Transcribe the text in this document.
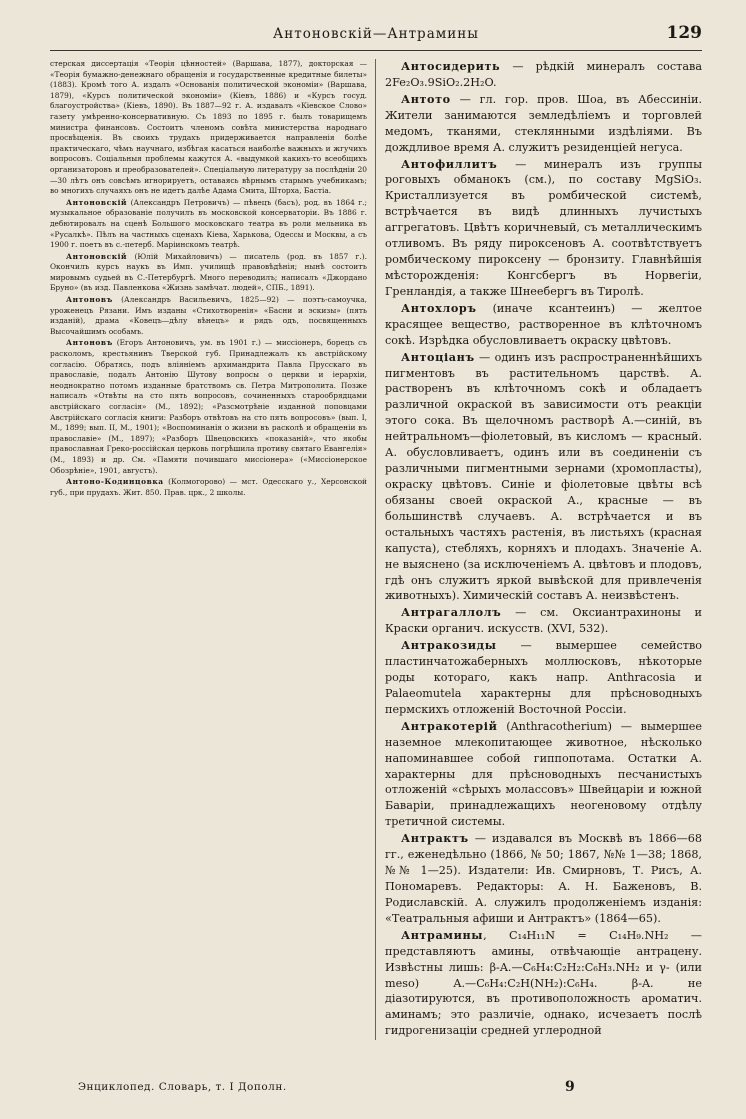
Антоновскій—Антрамины	129

стерская диссертація «Теорія цѣнностей» (Варшава, 1877), докторская — «Теорія бумажно-денежнаго обращенія и государственные кредитные билеты» (1883). Кромѣ того А. издалъ «Основанія политической экономіи» (Варшава, 1879), «Курсъ политической экономіи» (Кіевъ, 1886) и «Курсъ госуд. благоустройства» (Кіевъ, 1890). Въ 1887—92 г. А. издавалъ «Кіевское Слово» газету умѣренно-консервативную. Съ 1893 по 1895 г. былъ товарищемъ министра финансовъ. Состоитъ членомъ совѣта министерства народнаго просвѣщенія. Въ своихъ трудахъ придерживается направленія болѣе практическаго, чѣмъ научнаго, избѣгая касаться наиболѣе важныхъ и жгучихъ вопросовъ. Соціальныя проблемы кажутся А. «выдумкой какихъ-то всеобщихъ организаторовъ и преобразователей». Спеціальную литературу за послѣдніи 20—30 лѣтъ онъ совсѣмъ игнорируетъ, оставаясь вѣрнымъ старымъ учебникамъ; во многихъ случаяхъ онъ не идетъ далѣе Адама Смита, Шторха, Бастіа.

Антоновскій (Александръ Петровичъ) — пѣвецъ (басъ), род. въ 1864 г.; музыкальное образованіе получилъ въ московской консерваторіи. Въ 1886 г. дебютировалъ на сценѣ Большого московскаго театра въ роли мельника въ «Русалкѣ». Пѣлъ на частныхъ сценахъ Кіева, Харькова, Одессы и Москвы, а съ 1900 г. поетъ въ с.-петерб. Маріинскомъ театрѣ.

Антоновскій (Юлій Михайловичъ) — писатель (род. въ 1857 г.). Окончилъ курсъ наукъ въ Имп. училищѣ правовѣдѣнія; нынѣ состоитъ мировымъ судьей въ С.-Петербургѣ. Много переводилъ; написалъ «Джордано Бруно» (въ изд. Павленкова «Жизнь замѣчат. людей», СПБ., 1891).

Антоновъ (Александръ Васильевичъ, 1825—92) — поэтъ-самоучка, уроженецъ Рязани. Имъ изданы «Стихотворенія» «Басни и эскизы» (пять изданій), драма «Ковецъ—дѣлу вѣнецъ» и рядъ одъ, посвященныхъ Высочайшимъ особамъ.

Антоновъ (Егоръ Антоновичъ, ум. въ 1901 г.) — миссіонеръ, борецъ съ расколомъ, крестьянинъ Тверской губ. Принадлежалъ къ австрійскому согласію. Обратясь, подъ вліяніемъ архимандрита Павла Прусскаго въ православіе, подалъ Антонію Шутову вопросы о церкви и іерархіи, неоднократно потомъ изданные братствомъ св. Петра Митрополита. Позже написалъ «Отвѣты на сто пять вопросовъ, сочиненныхъ старообрядцами австрійскаго согласія» (М., 1892); «Разсмотрѣніе изданной поповцами Австрійскаго согласія книги: Разборъ отвѣтовъ на сто пять вопросовъ» (вып. I, М., 1899; вып. II, М., 1901); «Воспоминанія о жизни въ расколѣ и обращеніи въ православіе» (М., 1897); «Разборъ Швецовскихъ «показаній», что якобы православная Греко-россійская церковь погрѣшила противу святаго Евангелія» (М., 1893) и др. См. «Памяти почившаго миссіонера» («Миссіонерское Обозрѣніе», 1901, августъ).

Антоно-Кодинцовка (Колмогорово) — мст. Одесскаго у., Херсонской губ., при прудахъ. Жит. 850. Прав. црк., 2 школы.

Антосидерить — рѣдкій минералъ состава 2Fe₂O₃.9SiO₂.2H₂O.

Антото — гл. гор. пров. Шоа, въ Абессиніи. Жители занимаются земледѣліемъ и торговлей медомъ, тканями, стеклянными издѣліями. Въ дождливое время А. служитъ резиденціей негуса.

Антофиллитъ — минералъ изъ группы роговыхъ обманокъ (см.), по составу MgSiO₃. Кристаллизуется въ ромбической системѣ, встрѣчается въ видѣ длинныхъ лучистыхъ аггрегатовъ. Цвѣтъ коричневый, съ металлическимъ отливомъ. Въ ряду пироксеновъ А. соотвѣтствуетъ ромбическому пироксену — бронзиту. Главнѣйшія мѣсторожденія: Конгсбергъ въ Норвегіи, Гренландія, а также Шнеебергъ въ Тиролѣ.

Антохлоръ (иначе ксантеинъ) — желтое красящее вещество, растворенное въ клѣточномъ сокѣ. Изрѣдка обусловливаетъ окраску цвѣтовъ.

Антоціанъ — одинъ изъ распространеннѣйшихъ пигментовъ въ растительномъ царствѣ. А. растворенъ въ клѣточномъ сокѣ и обладаетъ различной окраской въ зависимости отъ реакціи этого сока. Въ щелочномъ растворѣ А.—синій, въ нейтральномъ—фіолетовый, въ кисломъ — красный. А. обусловливаетъ, одинъ или въ соединеніи съ различными пигментными зернами (хромопласты), окраску цвѣтовъ. Синіе и фіолетовые цвѣты всѣ обязаны своей окраской А., красные — въ большинствѣ случаевъ. А. встрѣчается и въ остальныхъ частяхъ растенія, въ листьяхъ (красная капуста), стебляхъ, корняхъ и плодахъ. Значеніе А. не выяснено (за исключеніемъ А. цвѣтовъ и плодовъ, гдѣ онъ служитъ яркой вывѣской для привлеченія животныхъ). Химическій составъ А. неизвѣстенъ.

Антрагаллолъ — см. Оксиантрахиноны и Краски органич. искусств. (XVI, 532).

Антракозиды — вымершее семейство пластинчатожаберныхъ моллюсковъ, нѣкоторые роды котораго, какъ напр. Anthracosia и Palaeomutela характерны для прѣсноводныхъ пермскихъ отложеній Восточной Россіи.

Антракотерій (Anthracotherium) — вымершее наземное млекопитающее животное, нѣсколько напоминавшее собой гиппопотама. Остатки А. характерны для прѣсноводныхъ песчанистыхъ отложеній «сѣрыхъ молассовъ» Швейцаріи и южной Баваріи, принадлежащихъ неогеновому отдѣлу третичной системы.

Антрактъ — издавался въ Москвѣ въ 1866—68 гг., еженедѣльно (1866, № 50; 1867, №№ 1—38; 1868, №№ 1—25). Издатели: Ив. Смирновъ, Т. Рисъ, А. Пономаревъ. Редакторы: А. Н. Баженовъ, В. Родиславскій. А. служилъ продолженіемъ изданія: «Театральныя афиши и Антрактъ» (1864—65).

Антрамины, C₁₄H₁₁N = C₁₄H₉.NH₂ — представляютъ амины, отвѣчающіе антрацену. Извѣстны лишь: β-A.—C₆H₄:C₂H₂:C₆H₃.NH₂ и γ- (или meso) A.—C₆H₄:C₂H(NH₂):C₆H₄. β-A. не діазотируются, въ противоположность ароматич. аминамъ; это различіе, однако, исчезаетъ послѣ гидрогенизаціи средней углеродной

Энциклопед. Словарь, т. I Дополн.	9
